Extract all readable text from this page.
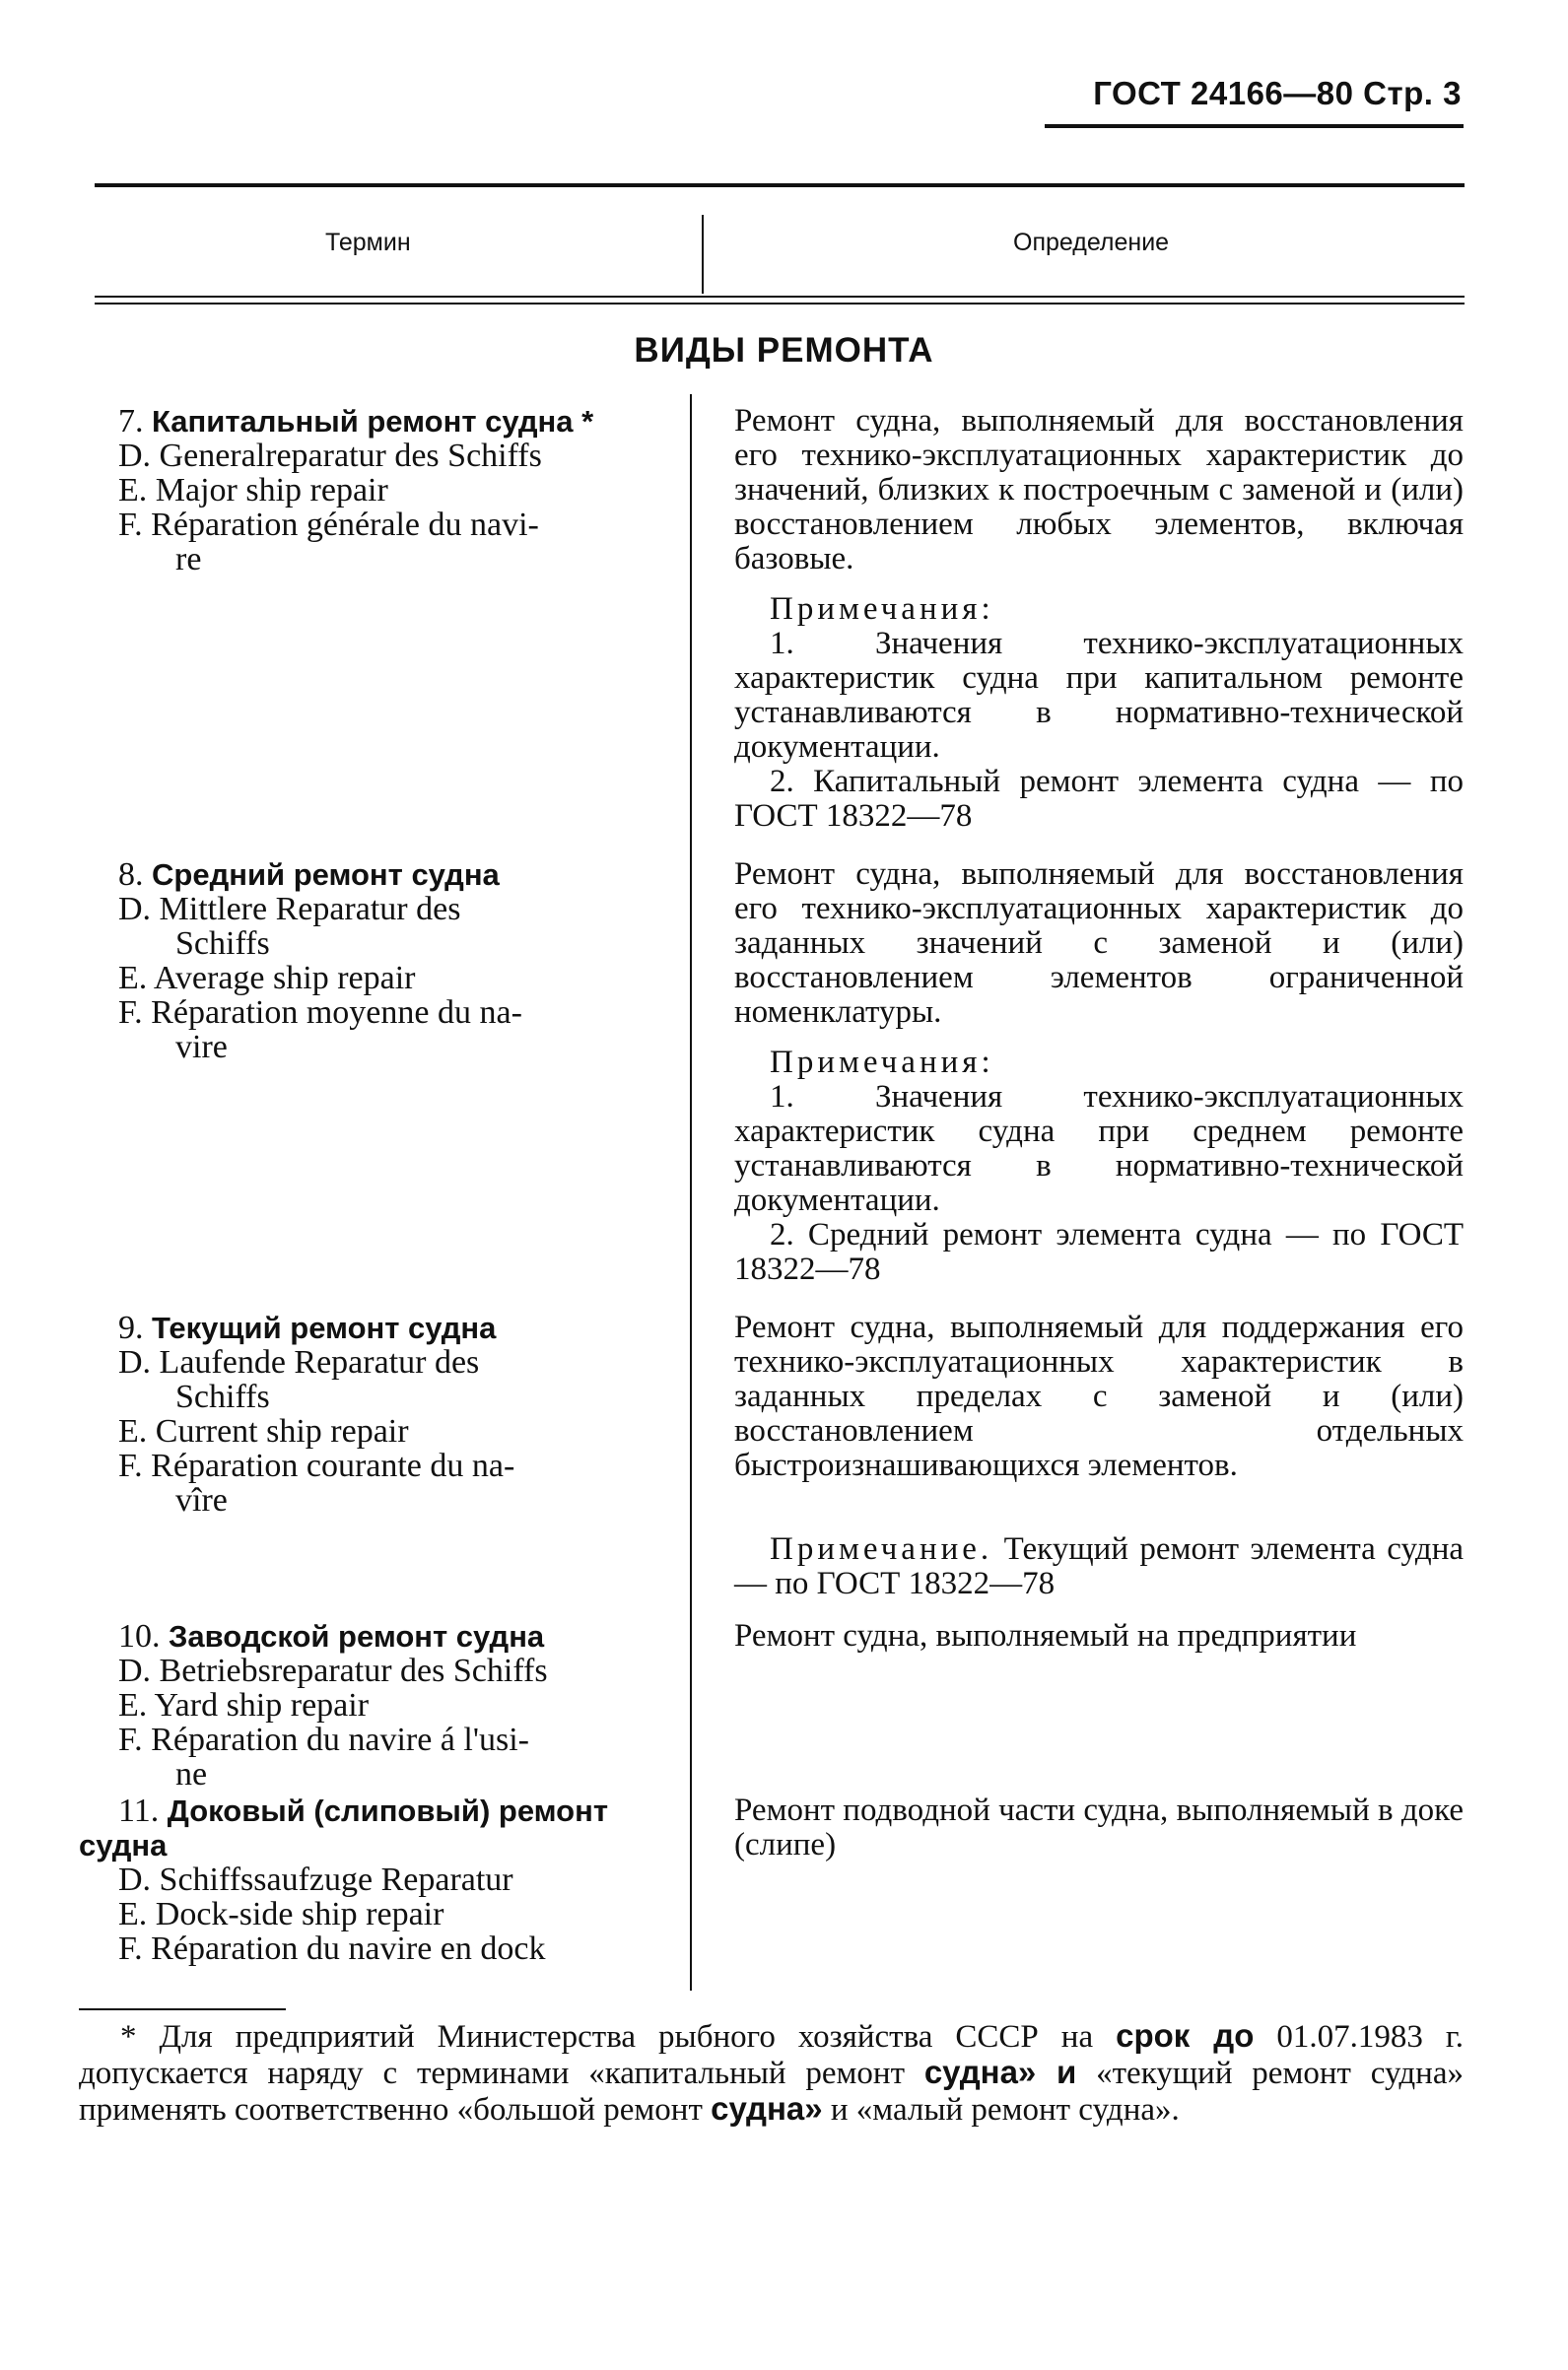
ГОСТ 24166—80 Стр. 3
Термин	Определение
ВИДЫ РЕМОНТА
7. Капитальный ремонт судна *
D. Generalreparatur des Schiffs
E. Major ship repair
F. Réparation générale du navi-
re

Ремонт судна, выполняемый для восстановления его технико-эксплуатационных характеристик до значений, близких к построечным с заменой и (или) восстановлением любых элементов, включая базовые.

Примечания:

1. Значения технико-эксплуатационных характеристик судна при капитальном ремонте устанавливаются в нормативно-технической документации.

2. Капитальный ремонт элемента судна — по ГОСТ 18322—78

8. Средний ремонт судна
D. Mittlere Reparatur des
Schiffs
E. Average ship repair
F. Réparation moyenne du na-
vire

Ремонт судна, выполняемый для восстановления его технико-эксплуатационных характеристик до заданных значений с заменой и (или) восстановлением элементов ограниченной номенклатуры.

Примечания:

1. Значения технико-эксплуатационных характеристик судна при среднем ремонте устанавливаются в нормативно-технической документации.

2. Средний ремонт элемента судна — по ГОСТ 18322—78

9. Текущий ремонт судна
D. Laufende Reparatur des
Schiffs
E. Current ship repair
F. Réparation courante du na-
vîre

Ремонт судна, выполняемый для поддержания его технико-эксплуатационных характеристик в заданных пределах с заменой и (или) восстановлением отдельных быстроизнашивающихся элементов.

Примечание. Текущий ремонт элемента судна — по ГОСТ 18322—78

10. Заводской ремонт судна
D. Betriebsreparatur des Schiffs
E. Yard ship repair
F. Réparation du navire á l'usi-
ne

Ремонт судна, выполняемый на предприятии

11. Доковый (слиповый) ремонт
судна
D. Schiffssaufzuge Reparatur
E. Dock-side ship repair
F. Réparation du navire en dock

Ремонт подводной части судна, выполняемый в доке (слипе)

* Для предприятий Министерства рыбного хозяйства СССР на срок до 01.07.1983 г. допускается наряду с терминами «капитальный ремонт судна» и «текущий ремонт судна» применять соответственно «большой ремонт судна» и «малый ремонт судна».
